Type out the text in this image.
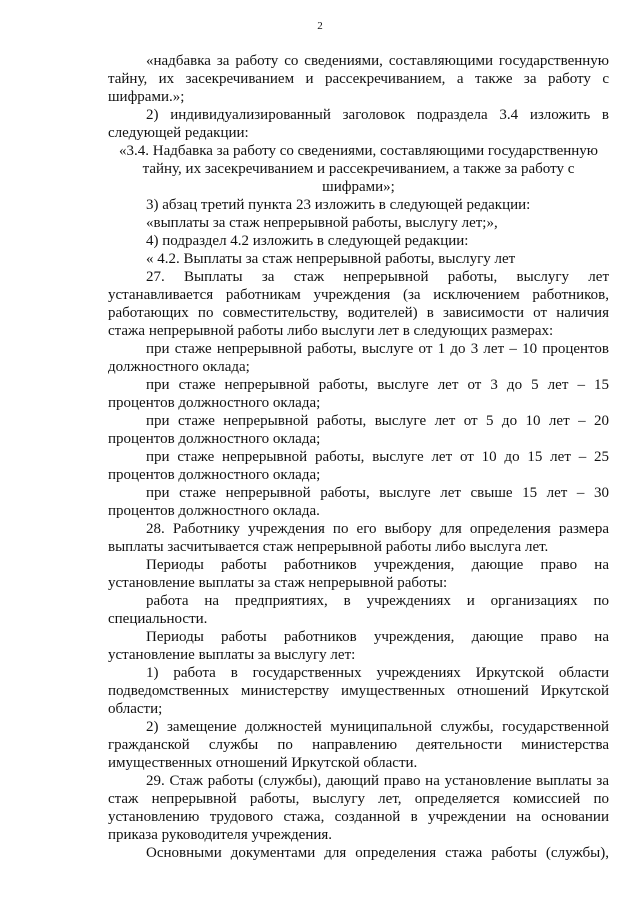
2

«надбавка за работу со сведениями, составляющими государственную тайну, их засекречиванием и рассекречиванием, а также за работу с шифрами.»;

2) индивидуализированный заголовок подраздела 3.4 изложить в следующей редакции:

«3.4. Надбавка за работу со сведениями, составляющими государственную тайну, их засекречиванием и рассекречиванием, а также за работу с шифрами»;

3) абзац третий пункта 23 изложить в следующей редакции:

«выплаты за стаж непрерывной работы, выслугу лет;»,

4) подраздел 4.2 изложить в следующей редакции:

« 4.2. Выплаты за стаж непрерывной работы, выслугу лет

27. Выплаты за стаж непрерывной работы, выслугу лет устанавливается работникам учреждения (за исключением работников, работающих по совместительству, водителей) в зависимости от наличия стажа непрерывной работы либо выслуги лет в следующих размерах:

при стаже непрерывной работы, выслуге от 1 до 3 лет – 10 процентов должностного оклада;

при стаже непрерывной работы, выслуге лет от 3 до 5 лет – 15 процентов должностного оклада;

при стаже непрерывной работы, выслуге лет от 5 до 10 лет – 20 процентов должностного оклада;

при стаже непрерывной работы, выслуге лет от 10 до 15 лет – 25 процентов должностного оклада;

при стаже непрерывной работы, выслуге лет свыше 15 лет – 30 процентов должностного оклада.

28. Работнику учреждения по его выбору для определения размера выплаты засчитывается стаж непрерывной работы либо выслуга лет.

Периоды работы работников учреждения, дающие право на установление выплаты за стаж непрерывной работы:

работа на предприятиях, в учреждениях и организациях по специальности.

Периоды работы работников учреждения, дающие право на установление выплаты за выслугу лет:

1) работа в государственных учреждениях Иркутской области подведомственных министерству имущественных отношений Иркутской области;

2) замещение должностей муниципальной службы, государственной гражданской службы по направлению деятельности министерства имущественных отношений Иркутской области.

29. Стаж работы (службы), дающий право на установление выплаты за стаж непрерывной работы, выслугу лет, определяется комиссией по установлению трудового стажа, созданной в учреждении на основании приказа руководителя учреждения.

Основными документами для определения стажа работы (службы),
